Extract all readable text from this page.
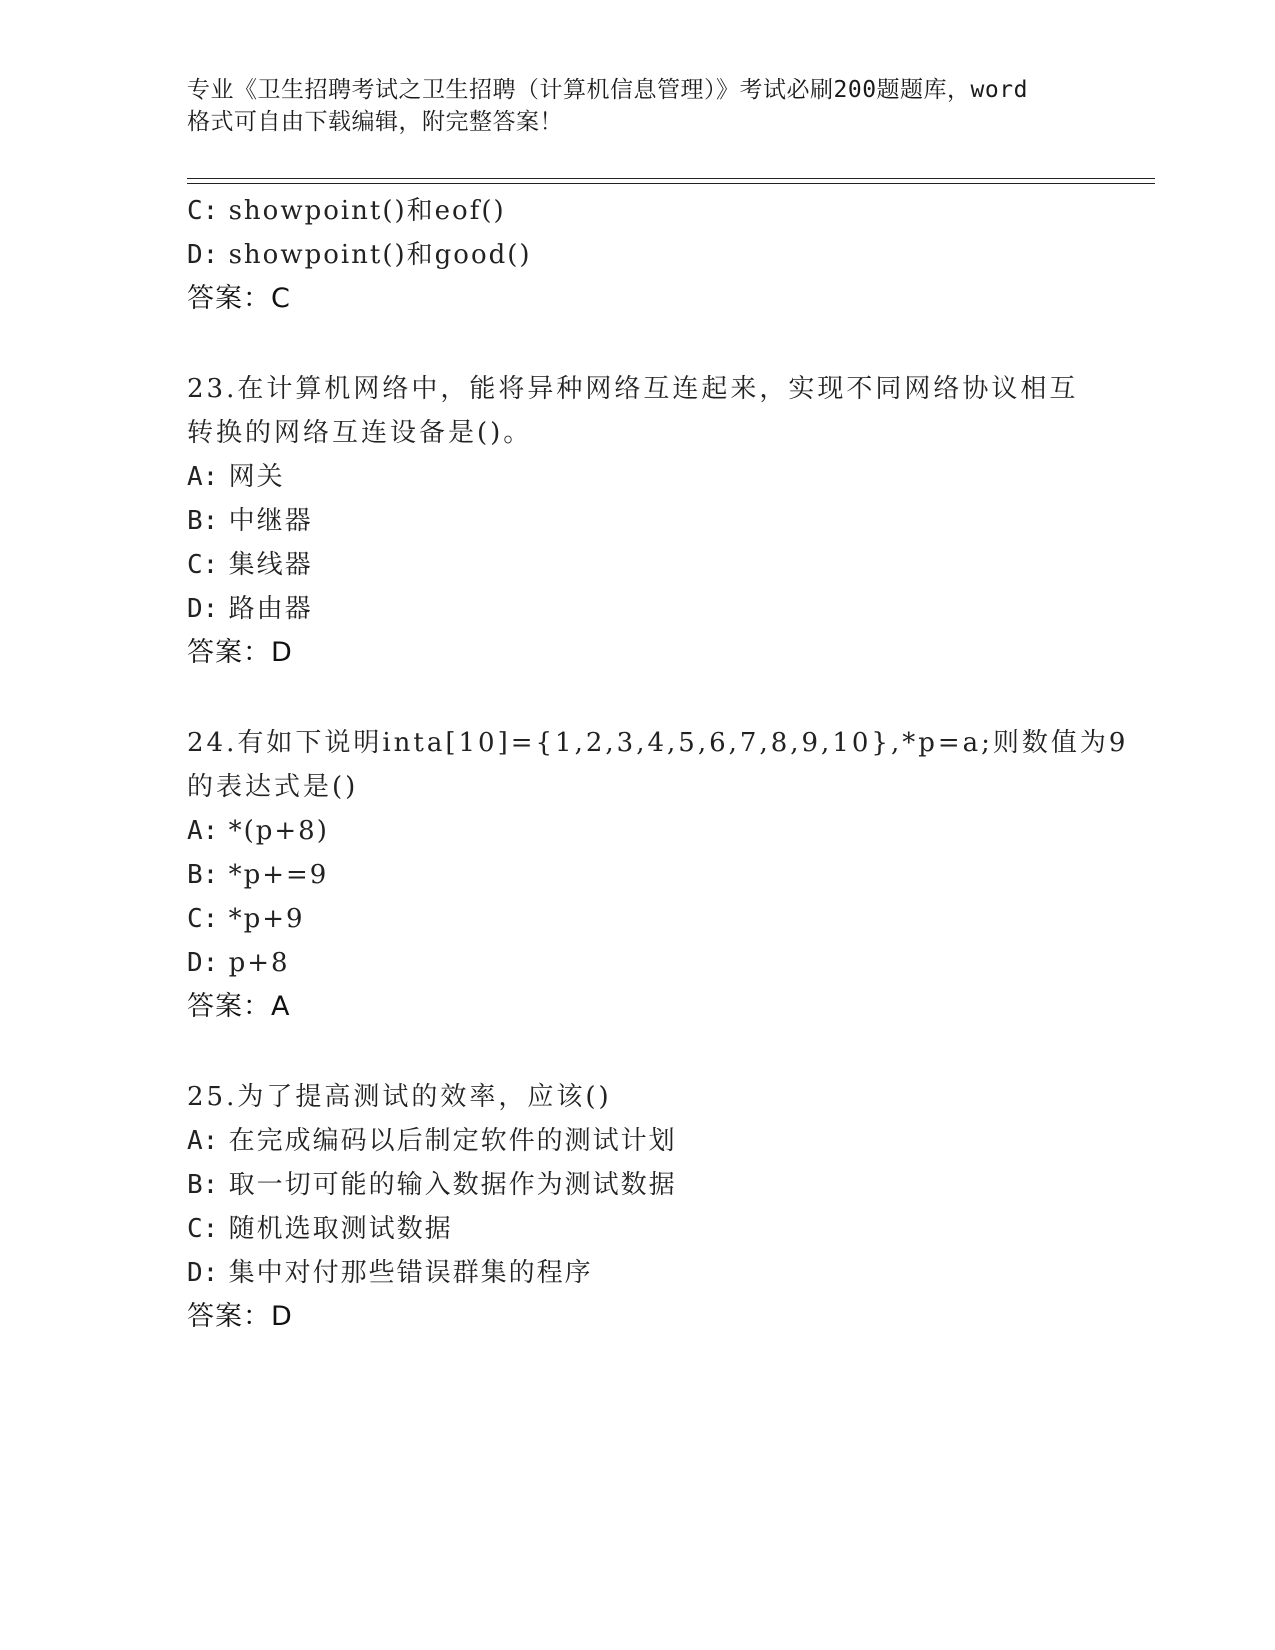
专业《卫生招聘考试之卫生招聘（计算机信息管理）》考试必刷200题题库，word
格式可自由下载编辑，附完整答案！
C: showpoint()和eof()
D: showpoint()和good()
答案：C
23.在计算机网络中，能将异种网络互连起来，实现不同网络协议相互
转换的网络互连设备是()。
A: 网关
B: 中继器
C: 集线器
D: 路由器
答案：D
24.有如下说明inta[10]={1,2,3,4,5,6,7,8,9,10},*p=a;则数值为9
的表达式是()
A: *(p+8)
B: *p+=9
C: *p+9
D: p+8
答案：A
25.为了提高测试的效率，应该()
A: 在完成编码以后制定软件的测试计划
B: 取一切可能的输入数据作为测试数据
C: 随机选取测试数据
D: 集中对付那些错误群集的程序
答案：D
